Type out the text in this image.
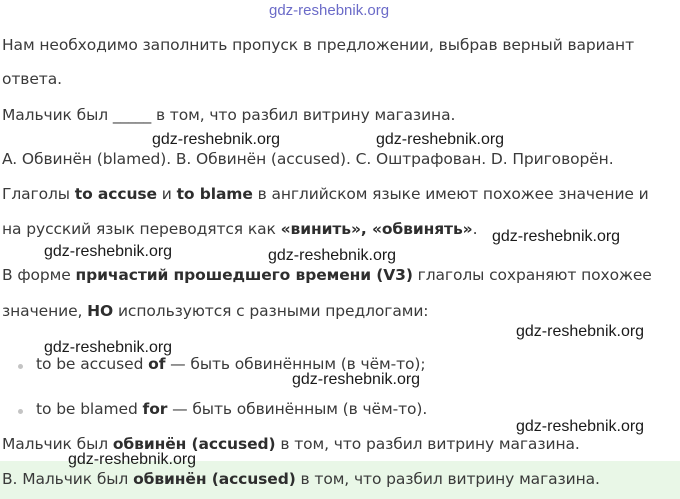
gdz-reshebnik.org

Нам необходимо заполнить пропуск в предложении, выбрав верный вариант

ответа.

Мальчик был _____ в том, что разбил витрину магазина.

gdz-reshebnik.org	gdz-reshebnik.org

A. Обвинён (blamed). B. Обвинён (accused). C. Оштрафован. D. Приговорён.

Глаголы to accuse и to blame в английском языке имеют похожее значение и

на русский язык переводятся как «винить», «обвинять». gdz-reshebnik.org
gdz-reshebnik.org	gdz-reshebnik.org

В форме причастий прошедшего времени (V3) глаголы сохраняют похожее

значение, НО используются с разными предлогами:

gdz-reshebnik.org
gdz-reshebnik.org

to be accused of — быть обвинённым (в чём-то);

gdz-reshebnik.org

to be blamed for — быть обвинённым (в чём-то).

gdz-reshebnik.org

Мальчик был обвинён (accused) в том, что разбил витрину магазина.

gdz-reshebnik.org

B. Мальчик был обвинён (accused) в том, что разбил витрину магазина.
